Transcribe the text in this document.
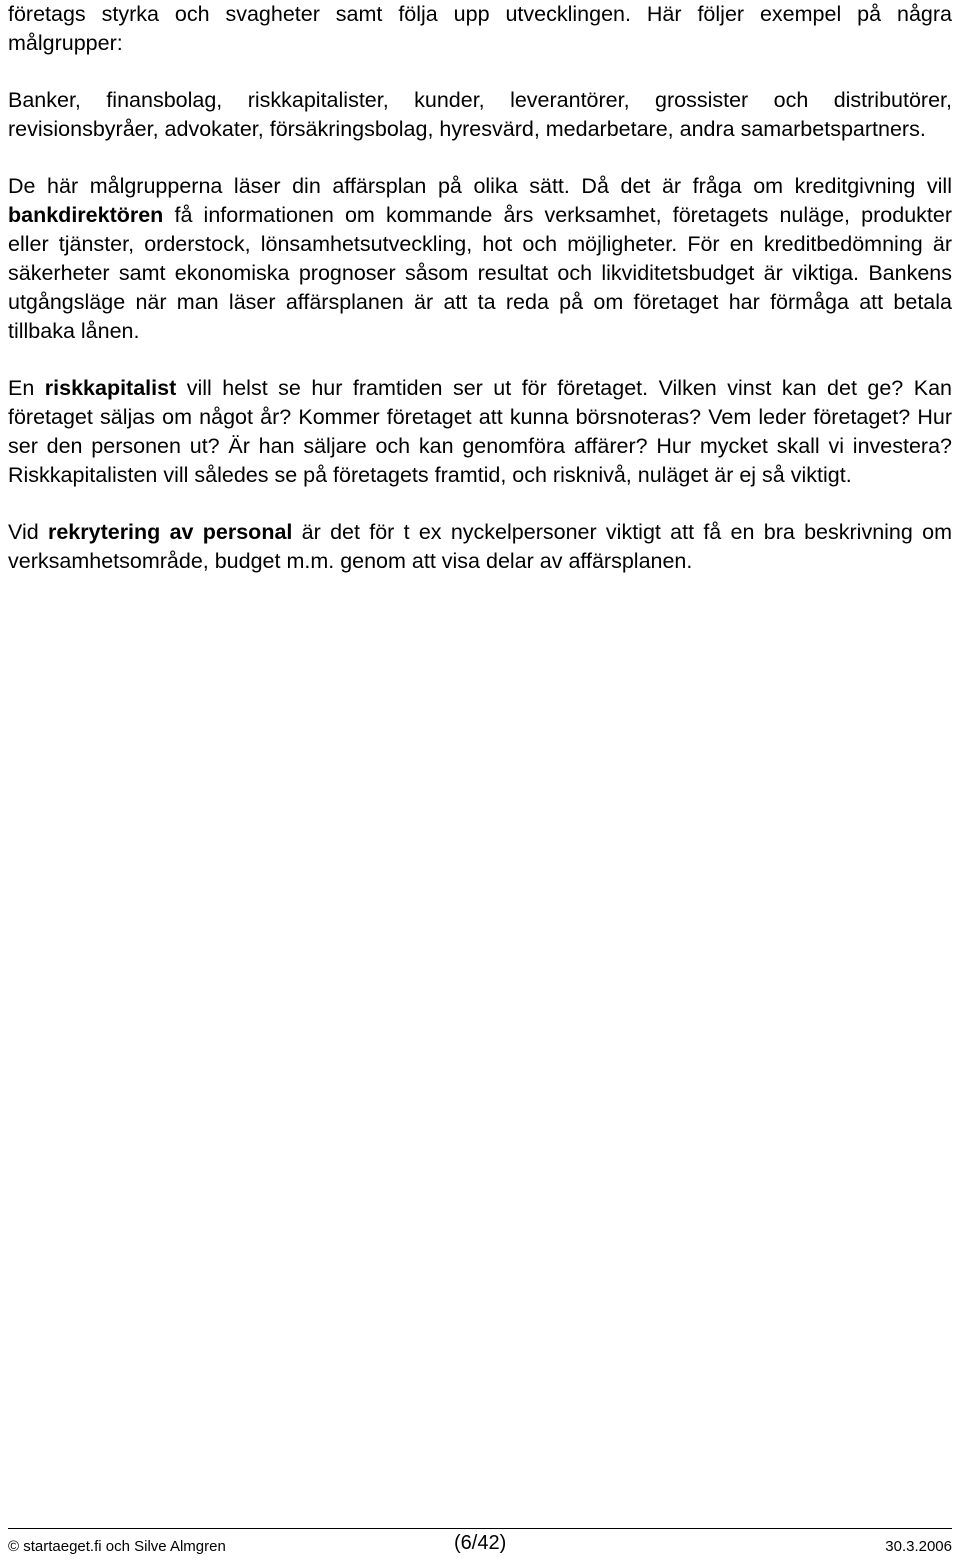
företags styrka och svagheter samt följa upp utvecklingen. Här följer exempel på några målgrupper:

Banker, finansbolag, riskkapitalister, kunder, leverantörer, grossister och distributörer, revisionsbyråer, advokater, försäkringsbolag, hyresvärd, medarbetare, andra samarbetspartners.

De här målgrupperna läser din affärsplan på olika sätt. Då det är fråga om kreditgivning vill bankdirektören få informationen om kommande års verksamhet, företagets nuläge, produkter eller tjänster, orderstock, lönsamhetsutveckling, hot och möjligheter. För en kreditbedömning är säkerheter samt ekonomiska prognoser såsom resultat och likviditetsbudget är viktiga. Bankens utgångsläge när man läser affärsplanen är att ta reda på om företaget har förmåga att betala tillbaka lånen.

En riskkapitalist vill helst se hur framtiden ser ut för företaget. Vilken vinst kan det ge? Kan företaget säljas om något år? Kommer företaget att kunna börsnoteras? Vem leder företaget? Hur ser den personen ut? Är han säljare och kan genomföra affärer? Hur mycket skall vi investera? Riskkapitalisten vill således se på företagets framtid, och risknivå, nuläget är ej så viktigt.

Vid rekrytering av personal är det för t ex nyckelpersoner viktigt att få en bra beskrivning om verksamhetsområde, budget m.m. genom att visa delar av affärsplanen.

© startaeget.fi och Silve Almgren	(6/42)	30.3.2006
